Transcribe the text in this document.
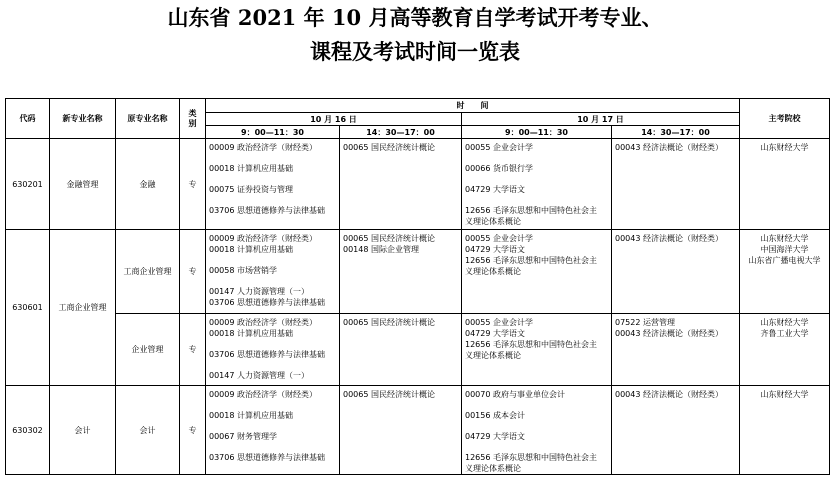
山东省 2021 年 10 月高等教育自学考试开考专业、
课程及考试时间一览表
代码	新专业名称	原专业名称	类别	时　　间				主考院校
				10 月 16 日		10 月 17 日		
				9：00—11：30	14：30—17：00	9：00—11：30	14：30—17：00	
630201	金融管理	金融	专	00009 政治经济学（财经类）
00018 计算机应用基础
00075 证券投资与管理
03706 思想道德修养与法律基础	00065 国民经济统计概论	00055 企业会计学
00066 货币银行学
04729 大学语文
12656 毛泽东思想和中国特色社会主
义理论体系概论	00043 经济法概论（财经类）	山东财经大学

630601	工商企业管理	工商企业管理	专	00009 政治经济学（财经类）
00018 计算机应用基础
00058 市场营销学
00147 人力资源管理（一）
03706 思想道德修养与法律基础	00065 国民经济统计概论
00148 国际企业管理	00055 企业会计学
04729 大学语文
12656 毛泽东思想和中国特色社会主
义理论体系概论	00043 经济法概论（财经类）	山东财经大学
中国海洋大学
山东省广播电视大学

		企业管理	专	00009 政治经济学（财经类）
00018 计算机应用基础
03706 思想道德修养与法律基础
00147 人力资源管理（一）	00065 国民经济统计概论	00055 企业会计学
04729 大学语文
12656 毛泽东思想和中国特色社会主
义理论体系概论	07522 运营管理
00043 经济法概论（财经类）	山东财经大学
齐鲁工业大学

630302	会计	会计	专	00009 政治经济学（财经类）
00018 计算机应用基础
00067 财务管理学
03706 思想道德修养与法律基础	00065 国民经济统计概论	00070 政府与事业单位会计
00156 成本会计
04729 大学语文
12656 毛泽东思想和中国特色社会主
义理论体系概论	00043 经济法概论（财经类）	山东财经大学
